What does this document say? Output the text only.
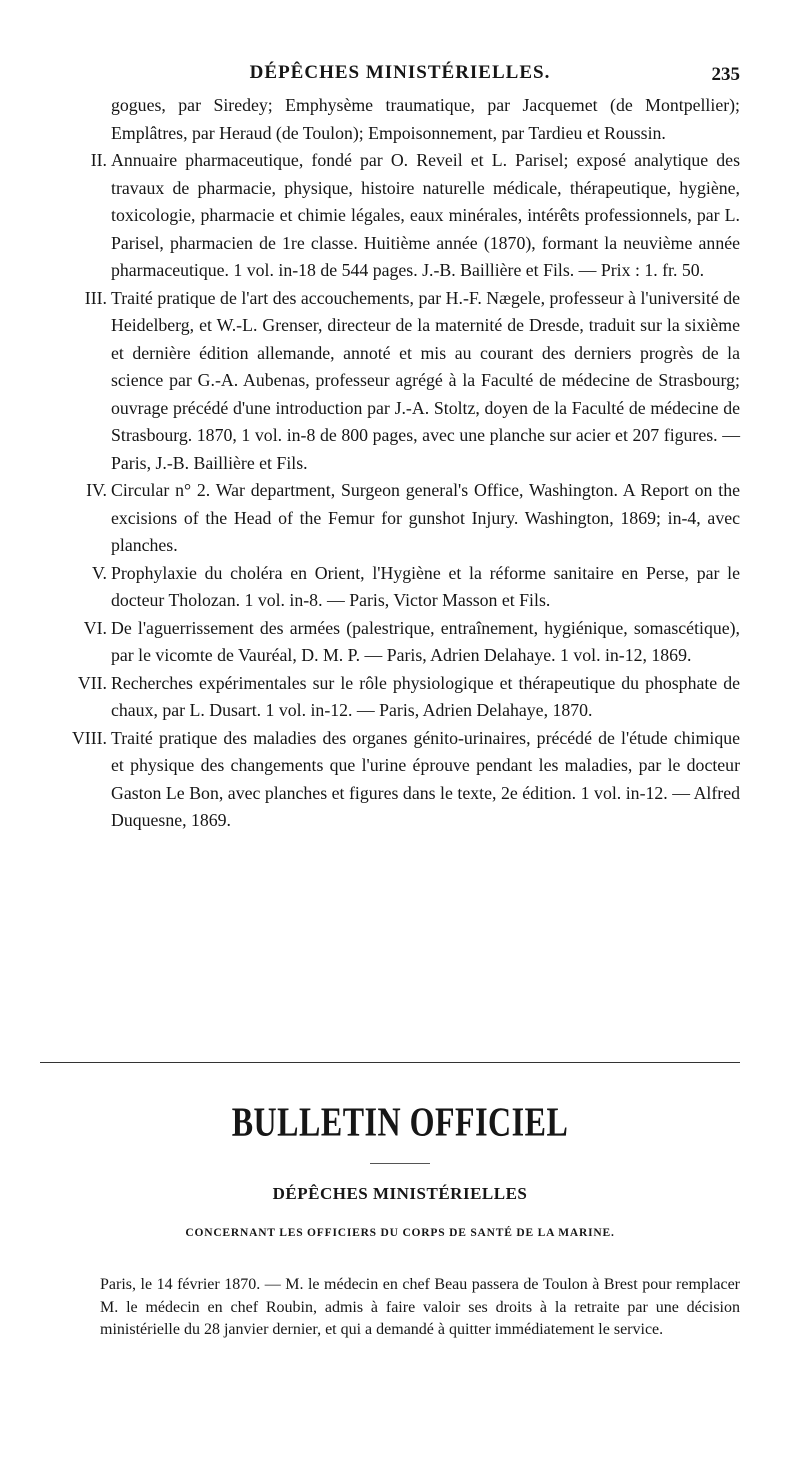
DÉPÊCHES MINISTÉRIELLES.	235

gogues, par Siredey; Emphysème traumatique, par Jacquemet (de Montpellier); Emplâtres, par Heraud (de Toulon); Empoisonnement, par Tardieu et Roussin.

II. Annuaire pharmaceutique, fondé par O. Reveil et L. Parisel; exposé analytique des travaux de pharmacie, physique, histoire naturelle médicale, thérapeutique, hygiène, toxicologie, pharmacie et chimie légales, eaux minérales, intérêts professionnels, par L. Parisel, pharmacien de 1re classe. Huitième année (1870), formant la neuvième année pharmaceutique. 1 vol. in-18 de 544 pages. J.-B. Baillière et Fils. — Prix : 1. fr. 50.

III. Traité pratique de l'art des accouchements, par H.-F. Nægele, professeur à l'université de Heidelberg, et W.-L. Grenser, directeur de la maternité de Dresde, traduit sur la sixième et dernière édition allemande, annoté et mis au courant des derniers progrès de la science par G.-A. Aubenas, professeur agrégé à la Faculté de médecine de Strasbourg; ouvrage précédé d'une introduction par J.-A. Stoltz, doyen de la Faculté de médecine de Strasbourg. 1870, 1 vol. in-8 de 800 pages, avec une planche sur acier et 207 figures. — Paris, J.-B. Baillière et Fils.

IV. Circular n° 2. War department, Surgeon general's Office, Washington. A Report on the excisions of the Head of the Femur for gunshot Injury. Washington, 1869; in-4, avec planches.

V. Prophylaxie du choléra en Orient, l'Hygiène et la réforme sanitaire en Perse, par le docteur Tholozan. 1 vol. in-8. — Paris, Victor Masson et Fils.

VI. De l'aguerrissement des armées (palestrique, entraînement, hygiénique, somascétique), par le vicomte de Vauréal, D. M. P. — Paris, Adrien Delahaye. 1 vol. in-12, 1869.

VII. Recherches expérimentales sur le rôle physiologique et thérapeutique du phosphate de chaux, par L. Dusart. 1 vol. in-12. — Paris, Adrien Delahaye, 1870.

VIII. Traité pratique des maladies des organes génito-urinaires, précédé de l'étude chimique et physique des changements que l'urine éprouve pendant les maladies, par le docteur Gaston Le Bon, avec planches et figures dans le texte, 2e édition. 1 vol. in-12. — Alfred Duquesne, 1869.

BULLETIN OFFICIEL
DÉPÊCHES MINISTÉRIELLES
CONCERNANT LES OFFICIERS DU CORPS DE SANTÉ DE LA MARINE.

Paris, le 14 février 1870. — M. le médecin en chef Beau passera de Toulon à Brest pour remplacer M. le médecin en chef Roubin, admis à faire valoir ses droits à la retraite par une décision ministérielle du 28 janvier dernier, et qui a demandé à quitter immédiatement le service.
